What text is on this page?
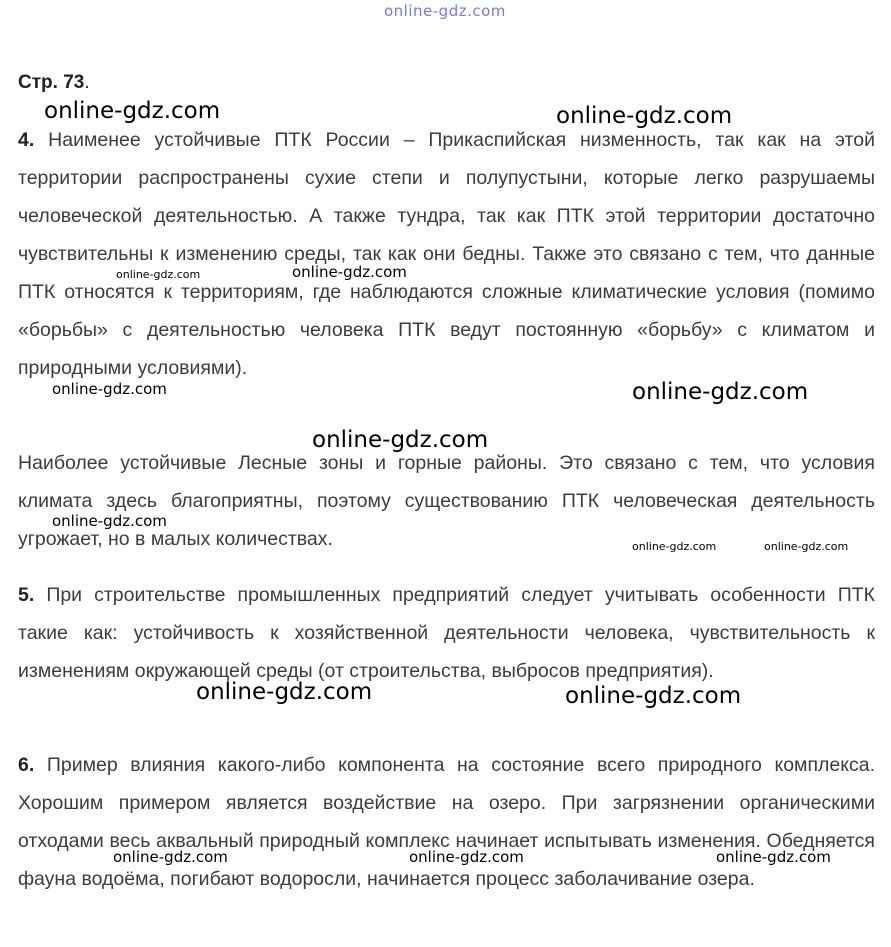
online-gdz.com
Стр. 73.

4. Наименее устойчивые ПТК России – Прикаспийская низменность, так как на этой территории распространены сухие степи и полупустыни, которые легко разрушаемы человеческой деятельностью. А также тундра, так как ПТК этой территории достаточно чувствительны к изменению среды, так как они бедны. Также это связано с тем, что данные ПТК относятся к территориям, где наблюдаются сложные климатические условия (помимо «борьбы» с деятельностью человека ПТК ведут постоянную «борьбу» с климатом и природными условиями).

Наиболее устойчивые Лесные зоны и горные районы. Это связано с тем, что условия климата здесь благоприятны, поэтому существованию ПТК человеческая деятельность угрожает, но в малых количествах.

5. При строительстве промышленных предприятий следует учитывать особенности ПТК такие как: устойчивость к хозяйственной деятельности человека, чувствительность к изменениям окружающей среды (от строительства, выбросов предприятия).

6. Пример влияния какого-либо компонента на состояние всего природного комплекса. Хорошим примером является воздействие на озеро. При загрязнении органическими отходами весь аквальный природный комплекс начинает испытывать изменения. Обедняется фауна водоёма, погибают водоросли, начинается процесс заболачивание озера.

online-gdz.com	online-gdz.com
online-gdz.com	online-gdz.com
online-gdz.com	online-gdz.com
online-gdz.com
online-gdz.com
online-gdz.com	online-gdz.com
online-gdz.com	online-gdz.com
online-gdz.com	online-gdz.com	online-gdz.com
